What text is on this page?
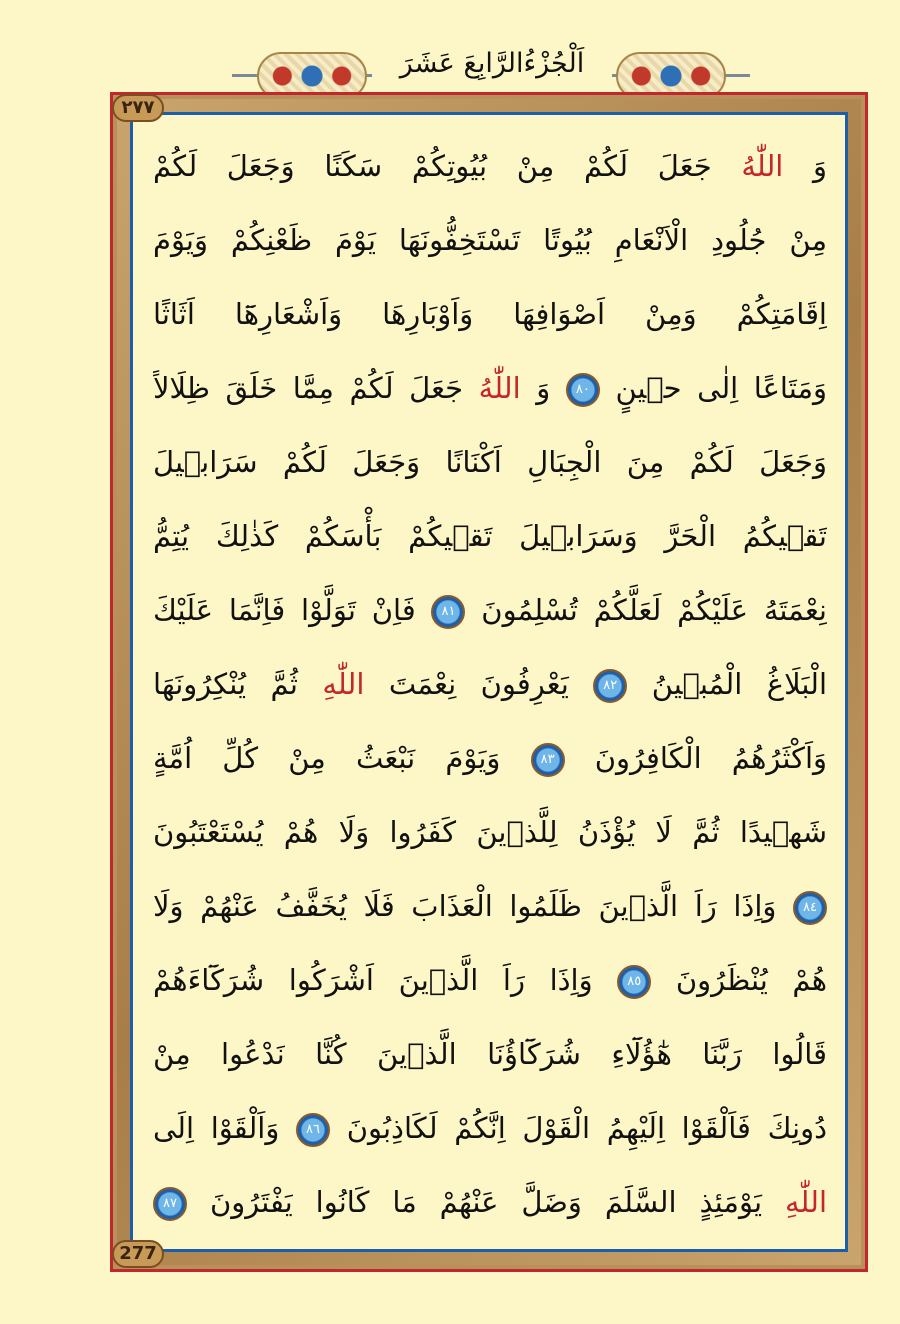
اَلْجُزْءُالرَّابِعَ عَشَرَ
وَ اللّٰهُ جَعَلَ لَكُمْ مِنْ بُيُوتِكُمْ سَكَنًا وَجَعَلَ لَكُمْ
مِنْ جُلُودِ الْاَنْعَامِ بُيُوتًا تَسْتَخِفُّونَهَا يَوْمَ ظَعْنِكُمْ وَيَوْمَ
اِقَامَتِكُمْ وَمِنْ اَصْوَافِهَا وَاَوْبَارِهَا وَاَشْعَارِهَٓا اَثَاثًا
وَمَتَاعًا اِلٰى حٖينٍ ٨٠ وَ اللّٰهُ جَعَلَ لَكُمْ مِمَّا خَلَقَ ظِلَالاً
وَجَعَلَ لَكُمْ مِنَ الْجِبَالِ اَكْنَانًا وَجَعَلَ لَكُمْ سَرَابٖيلَ
تَقٖيكُمُ الْحَرَّ وَسَرَابٖيلَ تَقٖيكُمْ بَأْسَكُمْ كَذٰلِكَ يُتِمُّ
نِعْمَتَهُ عَلَيْكُمْ لَعَلَّكُمْ تُسْلِمُونَ ٨١ فَاِنْ تَوَلَّوْا فَاِنَّمَا عَلَيْكَ
الْبَلَاغُ الْمُبٖينُ ٨٢ يَعْرِفُونَ نِعْمَتَ اللّٰهِ ثُمَّ يُنْكِرُونَهَا
وَاَكْثَرُهُمُ الْكَافِرُونَ ٨٣ وَيَوْمَ نَبْعَثُ مِنْ كُلِّ اُمَّةٍ
شَهٖيدًا ثُمَّ لَا يُؤْذَنُ لِلَّذٖينَ كَفَرُوا وَلَا هُمْ يُسْتَعْتَبُونَ
٨٤ وَاِذَا رَاَ الَّذٖينَ ظَلَمُوا الْعَذَابَ فَلَا يُخَفَّفُ عَنْهُمْ وَلَا
هُمْ يُنْظَرُونَ ٨٥ وَاِذَا رَاَ الَّذٖينَ اَشْرَكُوا شُرَكَٓاءَهُمْ
قَالُوا رَبَّنَا هٰٓؤُلَٓاءِ شُرَكَٓاؤُنَا الَّذٖينَ كُنَّا نَدْعُوا مِنْ
دُونِكَ فَاَلْقَوْا اِلَيْهِمُ الْقَوْلَ اِنَّكُمْ لَكَاذِبُونَ ٨٦ وَاَلْقَوْا اِلَى
اللّٰهِ يَوْمَئِذٍ السَّلَمَ وَضَلَّ عَنْهُمْ مَا كَانُوا يَفْتَرُونَ ٨٧
٢٧٧
277
